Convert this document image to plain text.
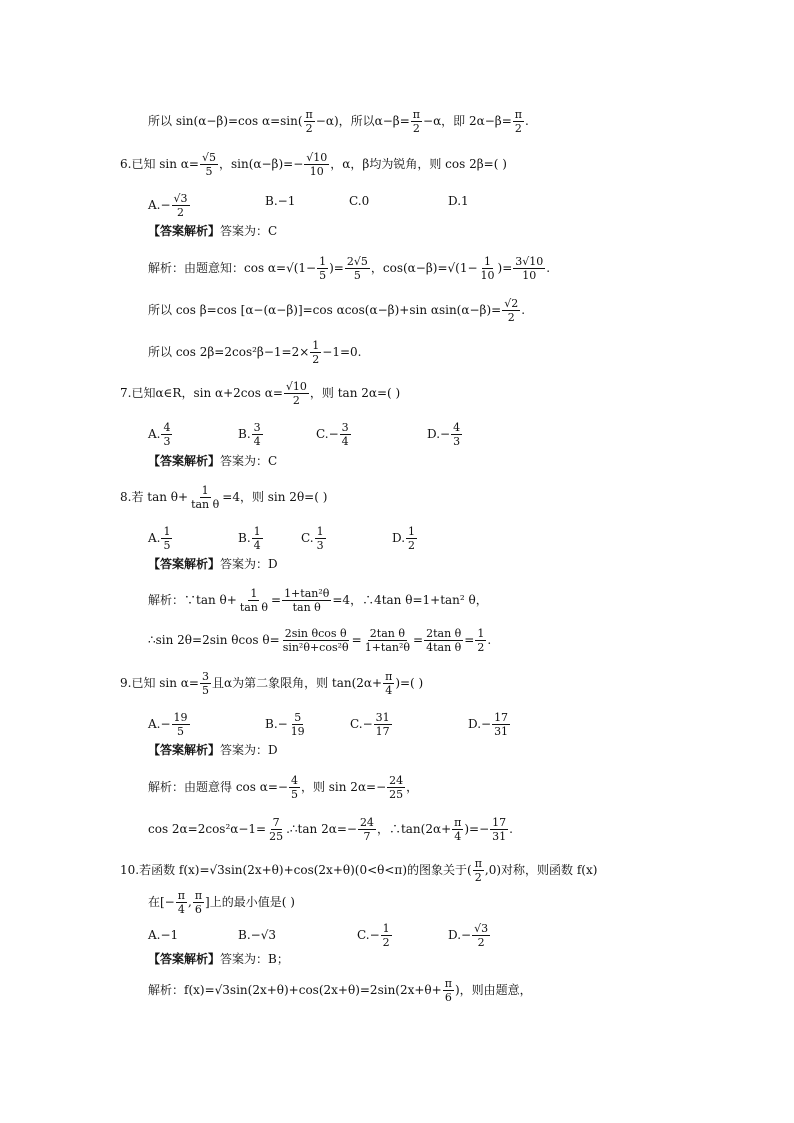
所以 sin(α−β)=cos $\alpha=\sin( \frac{\pi}{2} -\alpha)$，所以$\alpha-\beta= \frac{\pi}{2} -\alpha$，即 $2\alpha-\beta= \frac{\pi}{2}$ .
6.已知 $\sin \alpha= \frac{√5}{5}$ ，$\sin(\alpha-\beta)=- \frac{√10}{10}$ ，α，β均为锐角，则 cos 2β=( )
$A.- \frac{√3}{2}$	B.−1	C.0	D.1
【答案解析】答案为：C
解析：由题意知：$\cos \alpha=√(1- \frac{1}{5}$ )= $\frac{2√5}{5}$ ，$\cos(\alpha-\beta)=√(1- \frac{1}{10}$ )= $\frac{3√10}{10}$ .
所以 cos β=cos [α−(α−β)]=cos αcos(α−β)+sin $\alpha\sin(\alpha-\beta)= \frac{√2}{2}$ .
所以 $\cos 2\beta=2\cos^2\beta-1=2\times \frac{1}{2} -1=0$.
7.已知α∈R，sin α+2cos $\alpha= \frac{√10}{2}$ ，则 tan 2α=( )
A. $\frac{4}{3}$	B. $\frac{3}{4}$	$C.- \frac{3}{4}$	$D.- \frac{4}{3}$
【答案解析】答案为：C
8.若 $\tan \theta+ \frac{1}{\text{tan θ}} =4$，则 sin 2θ=( )
A. $\frac{1}{5}$	B. $\frac{1}{4}$	C. $\frac{1}{3}$	D. $\frac{1}{2}$
【答案解析】答案为：D
解析：∵tan $\theta+ \frac{1}{\text{tan θ}} = \frac{\text{1+tan²θ}}{\text{tan θ}} =4$，∴4tan θ=1+tan² θ，
∴sin 2θ=2sin θcos $\theta= \frac{\text{2sin θcos θ}}{\text{sin²θ+cos²θ}} = \frac{\text{2tan θ}}{\text{1+tan²θ}} = \frac{\text{2tan θ}}{\text{4tan θ}} = \frac{1}{2}$ .
9.已知 $\sin \alpha= \frac{3}{5}$ 且α为第二象限角，则 $\tan(2\alpha+ \frac{\pi}{4}$ )=( )
$A.- \frac{19}{5}$	$B.- \frac{5}{19}$	$C.- \frac{31}{17}$	$D.- \frac{17}{31}$
【答案解析】答案为：D
解析：由题意得 $\cos \alpha=- \frac{4}{5}$ ，则 $\sin 2\alpha=- \frac{24}{25}$ ，
$\cos 2\alpha=2\cos^2\alpha-1= \frac{7}{25}$ .∴tan $2\alpha=- \frac{24}{7}$ ，∴tan(2α+ $\frac{\pi}{4}$ )=− $\frac{17}{31}$ .
10.若函数 f(x)=√3sin(2x+θ)+cos(2x+θ)(0<θ<π)的图象关于( $\frac{\pi}{2} ,0$)对称，则函数 f(x)
在[− $\frac{\pi}{4}$ , $\frac{\pi}{6}$ ]上的最小值是( )
A.−1	B.−√3	$C.- \frac{1}{2}$	$D.- \frac{√3}{2}$
【答案解析】答案为：B；
解析：$f(x)=√3\sin(2x+\theta)+\cos(2x+\theta)=2\sin(2x+\theta+ \frac{\pi}{6}$ )，则由题意，
